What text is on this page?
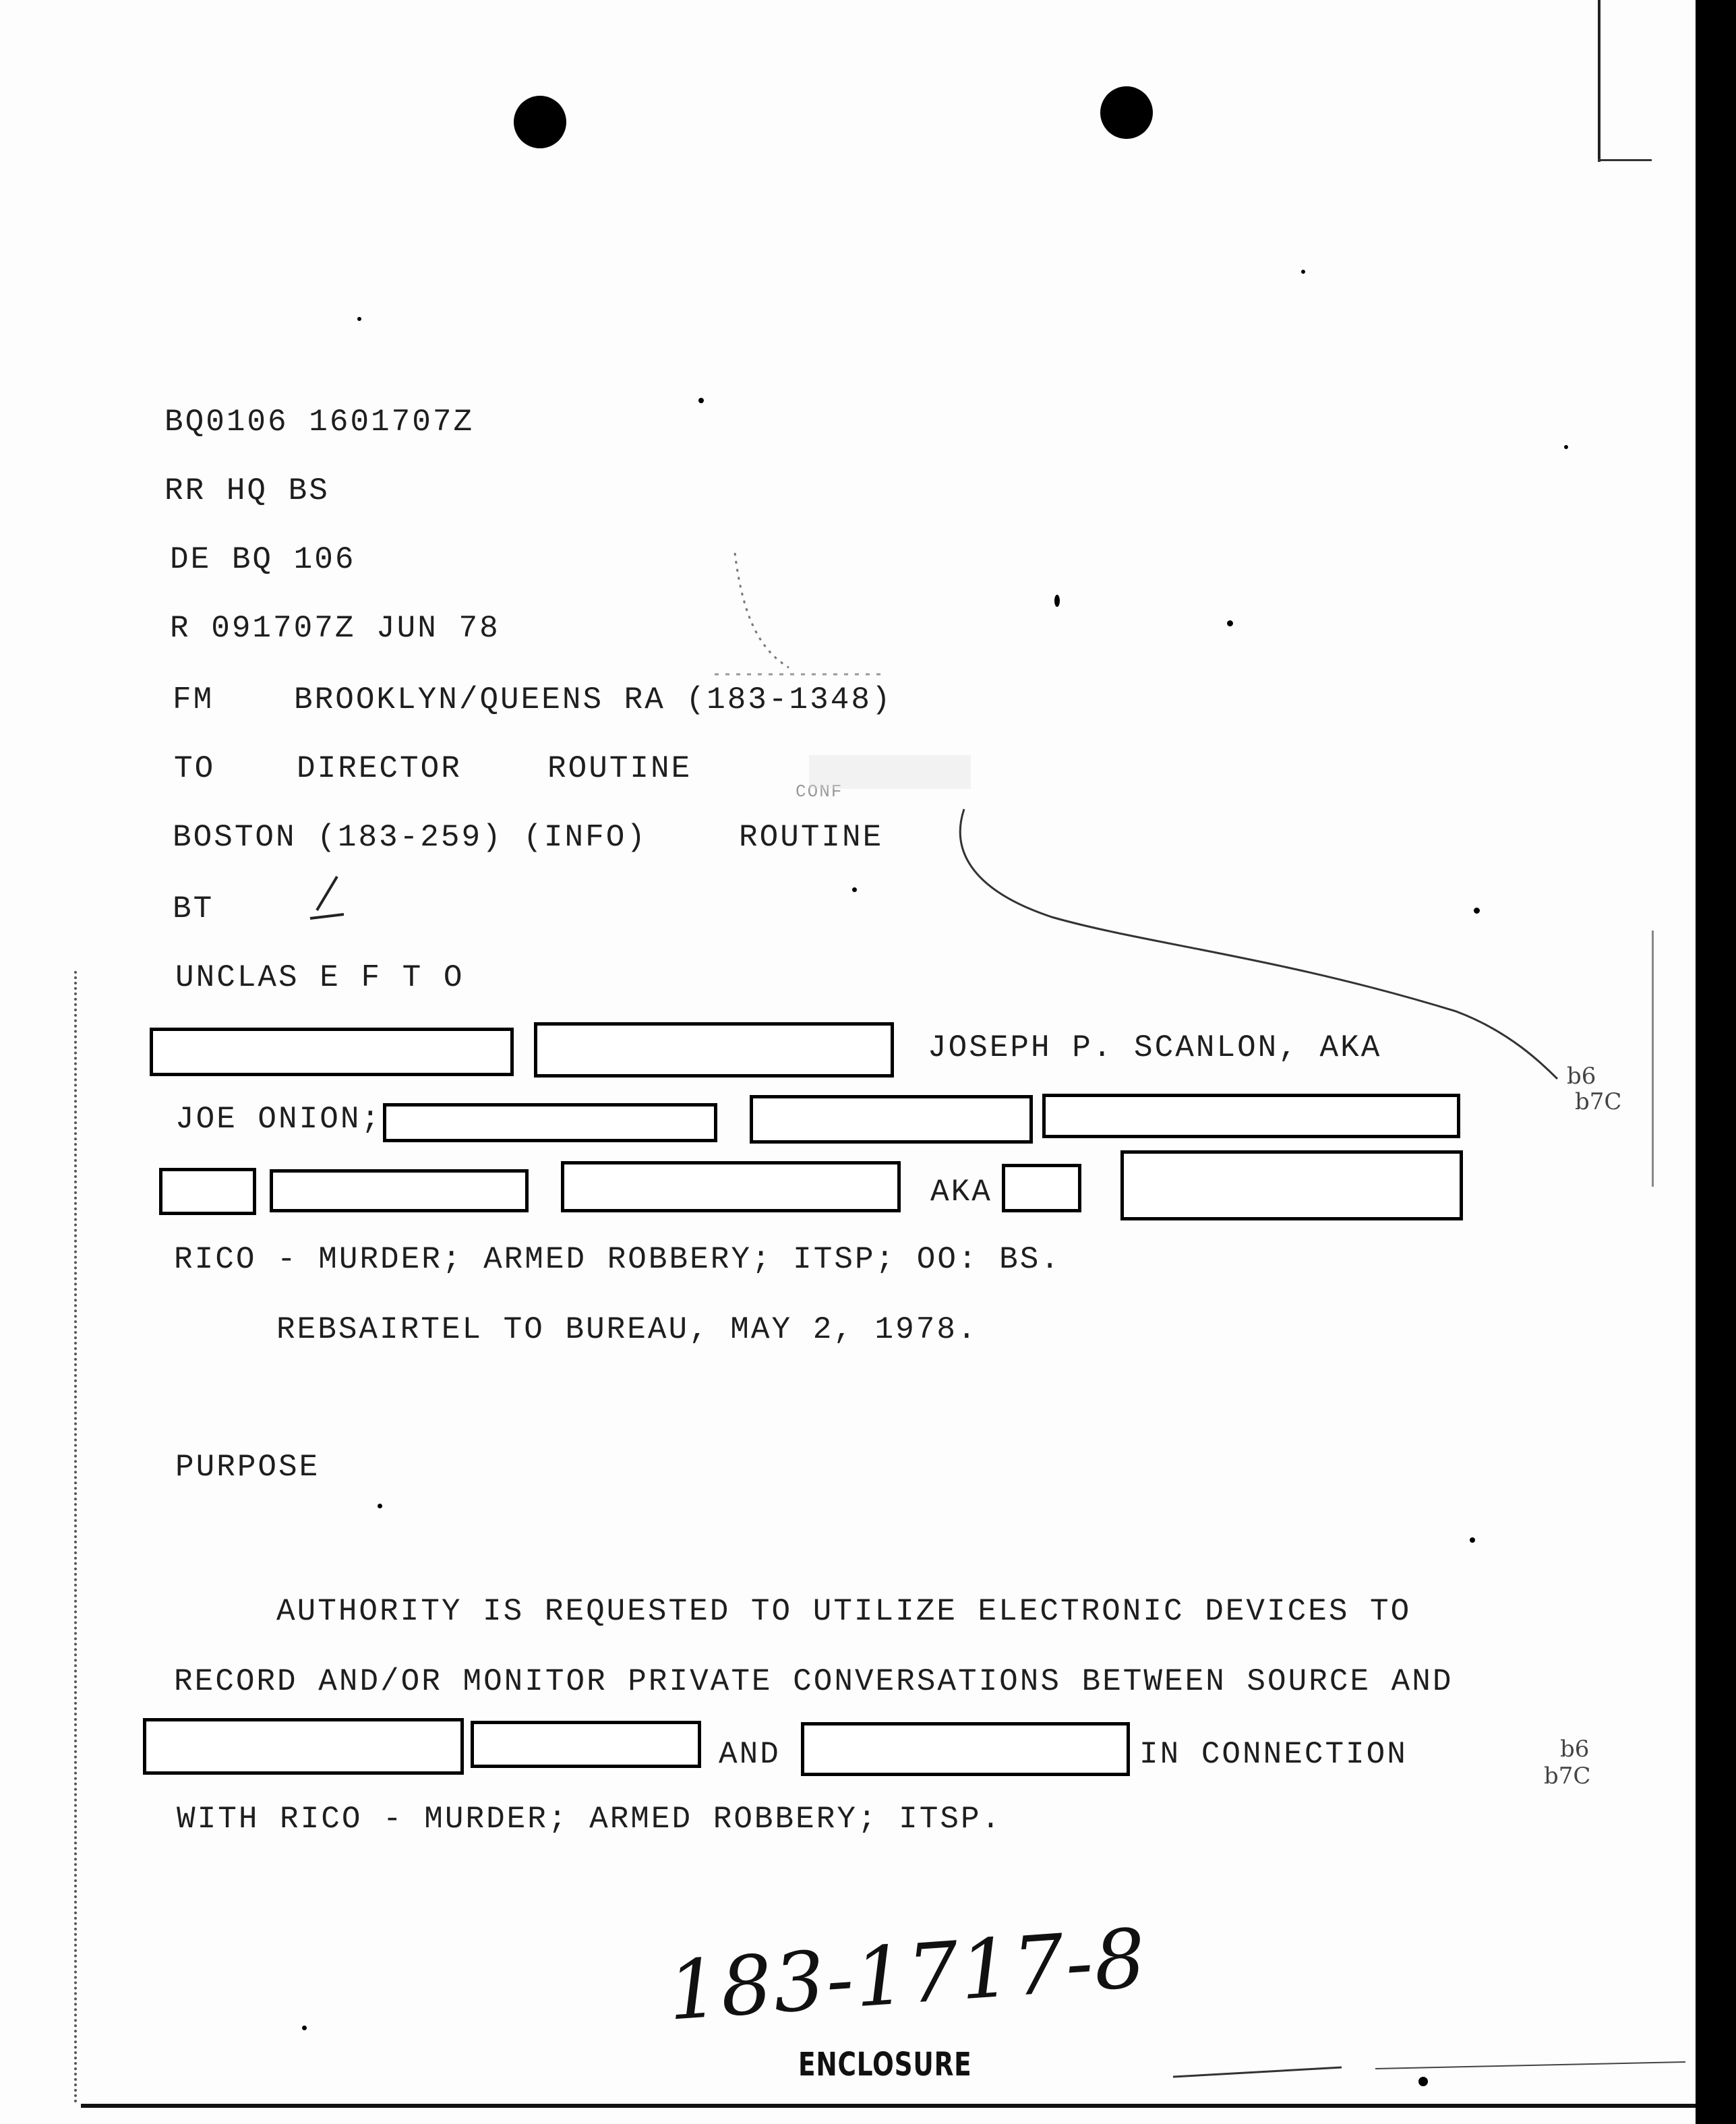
BQ0106 1601707Z
RR HQ BS
DE BQ 106
R 091707Z JUN 78
FM	BROOKLYN/QUEENS RA (183-1348)
TO	DIRECTOR	ROUTINE
BOSTON (183-259) (INFO)	ROUTINE
BT
UNCLAS E F T O
CONF
JOSEPH P. SCANLON, AKA
b6
b7C
JOE ONION;
AKA
RICO - MURDER; ARMED ROBBERY; ITSP; OO: BS.
REBSAIRTEL TO BUREAU, MAY 2, 1978.
PURPOSE
AUTHORITY IS REQUESTED TO UTILIZE ELECTRONIC DEVICES TO
RECORD AND/OR MONITOR PRIVATE CONVERSATIONS BETWEEN SOURCE AND
AND	IN CONNECTION	b6
b7C
WITH RICO - MURDER; ARMED ROBBERY; ITSP.
183-1717-8
ENCLOSURE
